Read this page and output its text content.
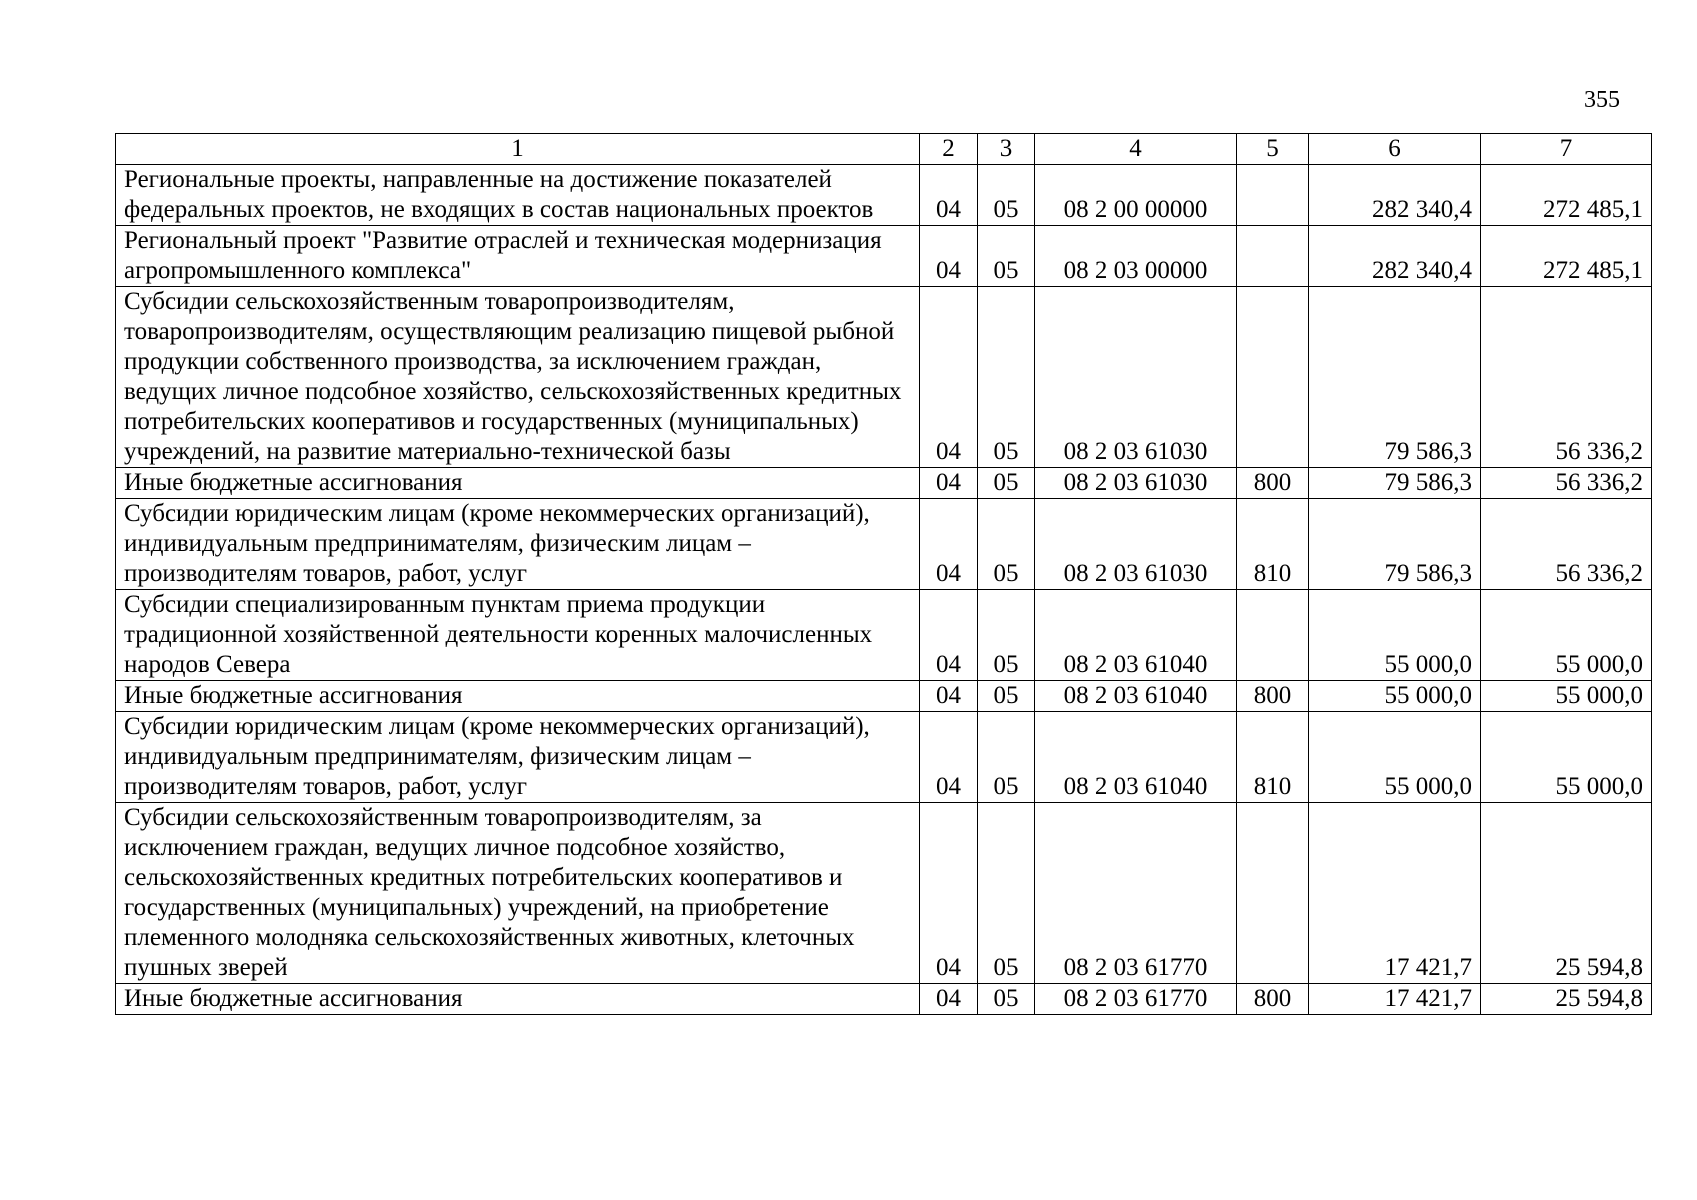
355
1	2	3	4	5	6	7
Региональные проекты, направленные на достижение показателей федеральных проектов, не входящих в состав национальных проектов	04	05	08 2 00 00000		282 340,4	272 485,1
Региональный проект "Развитие отраслей и техническая модернизация агропромышленного комплекса"	04	05	08 2 03 00000		282 340,4	272 485,1
Субсидии сельскохозяйственным товаропроизводителям, товаропроизводителям, осуществляющим реализацию пищевой рыбной продукции собственного производства, за исключением граждан, ведущих личное подсобное хозяйство, сельскохозяйственных кредитных потребительских кооперативов и государственных (муниципальных) учреждений, на развитие материально-технической базы	04	05	08 2 03 61030		79 586,3	56 336,2
Иные бюджетные ассигнования	04	05	08 2 03 61030	800	79 586,3	56 336,2
Субсидии юридическим лицам (кроме некоммерческих организаций), индивидуальным предпринимателям, физическим лицам – производителям товаров, работ, услуг	04	05	08 2 03 61030	810	79 586,3	56 336,2
Субсидии специализированным пунктам приема продукции традиционной хозяйственной деятельности коренных малочисленных народов Севера	04	05	08 2 03 61040		55 000,0	55 000,0
Иные бюджетные ассигнования	04	05	08 2 03 61040	800	55 000,0	55 000,0
Субсидии юридическим лицам (кроме некоммерческих организаций), индивидуальным предпринимателям, физическим лицам – производителям товаров, работ, услуг	04	05	08 2 03 61040	810	55 000,0	55 000,0
Субсидии сельскохозяйственным товаропроизводителям, за исключением граждан, ведущих личное подсобное хозяйство, сельскохозяйственных кредитных потребительских кооперативов и государственных (муниципальных) учреждений, на приобретение племенного молодняка сельскохозяйственных животных, клеточных пушных зверей	04	05	08 2 03 61770		17 421,7	25 594,8
Иные бюджетные ассигнования	04	05	08 2 03 61770	800	17 421,7	25 594,8
